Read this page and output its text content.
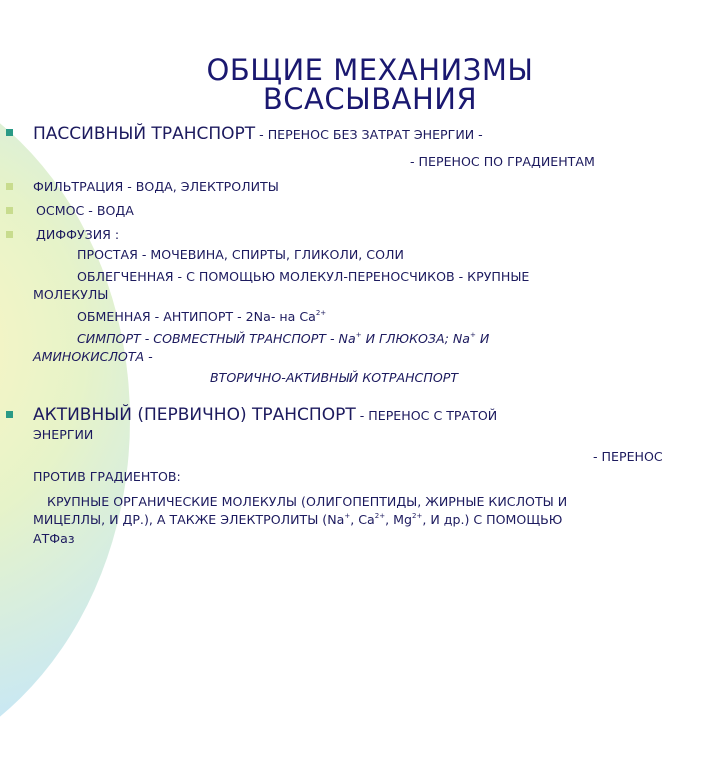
ОБЩИЕ МЕХАНИЗМЫ
ВСАСЫВАНИЯ
ПАССИВНЫЙ ТРАНСПОРТ - ПЕРЕНОС БЕЗ ЗАТРАТ ЭНЕРГИИ -
- ПЕРЕНОС ПО ГРАДИЕНТАМ
ФИЛЬТРАЦИЯ - ВОДА, ЭЛЕКТРОЛИТЫ
ОСМОС - ВОДА
ДИФФУЗИЯ :
ПРОСТАЯ - МОЧЕВИНА, СПИРТЫ, ГЛИКОЛИ, СОЛИ
ОБЛЕГЧЕННАЯ - С ПОМОЩЬЮ МОЛЕКУЛ-ПЕРЕНОСЧИКОВ - КРУПНЫЕ
МОЛЕКУЛЫ
ОБМЕННАЯ - АНТИПОРТ - 2Na- на $Ca^{2+}$
СИМПОРТ - СОВМЕСТНЫЙ ТРАНСПОРТ - Na+ И ГЛЮКОЗА; Na+ И
АМИНОКИСЛОТА -
ВТОРИЧНО-АКТИВНЫЙ КОТРАНСПОРТ
АКТИВНЫЙ (ПЕРВИЧНО) ТРАНСПОРТ - ПЕРЕНОС С ТРАТОЙ
ЭНЕРГИИ
- ПЕРЕНОС
ПРОТИВ ГРАДИЕНТОВ:
КРУПНЫЕ ОРГАНИЧЕСКИЕ МОЛЕКУЛЫ (ОЛИГОПЕПТИДЫ, ЖИРНЫЕ КИСЛОТЫ И
МИЦЕЛЛЫ, И ДР.), А ТАКЖЕ ЭЛЕКТРОЛИТЫ (Na+, $Ca^{2+}$, $Mg^{2+}$, И др.) С ПОМОЩЬЮ
АТФаз
